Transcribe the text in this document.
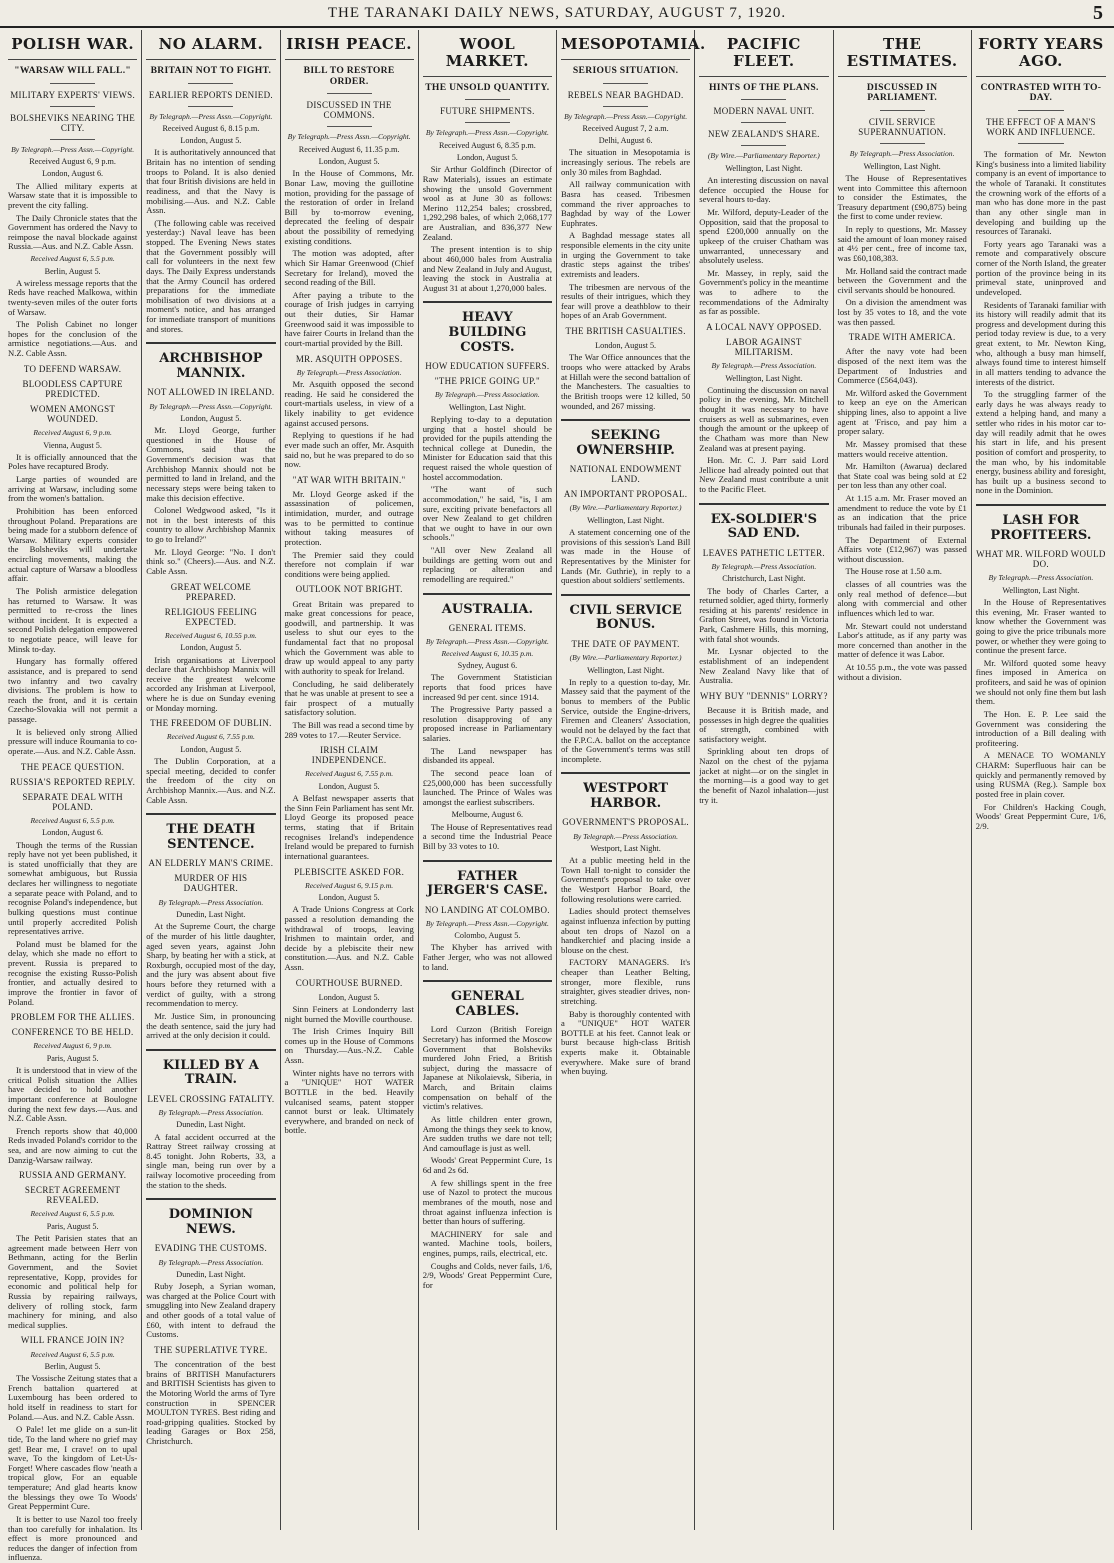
THE TARANAKI DAILY NEWS, SATURDAY, AUGUST 7, 1920.	5
POLISH WAR.
"WARSAW WILL FALL."
MILITARY EXPERTS' VIEWS.
BOLSHEVIKS NEARING THE CITY.
By Telegraph.—Press Assn.—Copyright.
Received August 6, 9 p.m.
London, August 6.

The Allied military experts at Warsaw state that it is impossible to prevent the city falling.

The Daily Chronicle states that the Government has ordered the Navy to reimpose the naval blockade against Russia.—Aus. and N.Z. Cable Assn.

Received August 6, 5.5 p.m.
Berlin, August 5.

A wireless message reports that the Reds have reached Malkowa, within twenty-seven miles of the outer forts of Warsaw.

The Polish Cabinet no longer hopes for the conclusion of the armistice negotiations.—Aus. and N.Z. Cable Assn.

TO DEFEND WARSAW.
BLOODLESS CAPTURE PREDICTED.
WOMEN AMONGST WOUNDED.
Received August 6, 9 p.m.
Vienna, August 5.

It is officially announced that the Poles have recaptured Brody.

Large parties of wounded are arriving at Warsaw, including some from the women's battalion.

Prohibition has been enforced throughout Poland. Preparations are being made for a stubborn defence of Warsaw. Military experts consider the Bolsheviks will undertake encircling movements, making the actual capture of Warsaw a bloodless affair.

The Polish armistice delegation has returned to Warsaw. It was permitted to re-cross the lines without incident. It is expected a second Polish delegation empowered to negotiate peace, will leave for Minsk to-day.

Hungary has formally offered assistance, and is prepared to send two infantry and two cavalry divisions. The problem is how to reach the front, and it is certain Czecho-Slovakia will not permit a passage.

It is believed only strong Allied pressure will induce Roumania to co-operate.—Aus. and N.Z. Cable Assn.

THE PEACE QUESTION.
RUSSIA'S REPORTED REPLY.
SEPARATE DEAL WITH POLAND.
Received August 6, 5.5 p.m.
London, August 6.

Though the terms of the Russian reply have not yet been published, it is stated unofficially that they are somewhat ambiguous, but Russia declares her willingness to negotiate a separate peace with Poland, and to recognise Poland's independence, but bulking questions must continue until properly accredited Polish representatives arrive.

Poland must be blamed for the delay, which she made no effort to prevent. Russia is prepared to recognise the existing Russo-Polish frontier, and actually desired to improve the frontier in favor of Poland.

PROBLEM FOR THE ALLIES.
CONFERENCE TO BE HELD.
Received August 6, 9 p.m.
Paris, August 5.

It is understood that in view of the critical Polish situation the Allies have decided to hold another important conference at Boulogne during the next few days.—Aus. and N.Z. Cable Assn.

French reports show that 40,000 Reds invaded Poland's corridor to the sea, and are now aiming to cut the Danzig-Warsaw railway.

RUSSIA AND GERMANY.
SECRET AGREEMENT REVEALED.
Received August 6, 5.5 p.m.
Paris, August 5.

The Petit Parisien states that an agreement made between Herr von Bethmann, acting for the Berlin Government, and the Soviet representative, Kopp, provides for economic and political help for Russia by repairing railways, delivery of rolling stock, farm machinery for mining, and also medical supplies.

WILL FRANCE JOIN IN?
Received August 6, 5.5 p.m.
Berlin, August 5.

The Vossische Zeitung states that a French battalion quartered at Luxembourg has been ordered to hold itself in readiness to start for Poland.—Aus. and N.Z. Cable Assn.

O Pale! let me glide on a sun-lit tide, To the land where no grief may get! Bear me, I crave! on to upal wave, To the kingdom of Let-Us-Forget! Where cascades flow 'neath a tropical glow, For an equable temperature; And glad hearts know the blessings they owe To Woods' Great Peppermint Cure.

It is better to use Nazol too freely than too carefully for inhalation. Its effect is more pronounced and reduces the danger of infection from influenza.

NO ALARM.
BRITAIN NOT TO FIGHT.
EARLIER REPORTS DENIED.
By Telegraph.—Press Assn.—Copyright.
Received August 6, 8.15 p.m.
London, August 5.

It is authoritatively announced that Britain has no intention of sending troops to Poland. It is also denied that four British divisions are held in readiness, and that the Navy is mobilising.—Aus. and N.Z. Cable Assn.

(The following cable was received yesterday:) Naval leave has been stopped. The Evening News states that the Government possibly will call for volunteers in the next few days. The Daily Express understands that the Army Council has ordered preparations for the immediate mobilisation of two divisions at a moment's notice, and has arranged for immediate transport of munitions and stores.

ARCHBISHOP MANNIX.
NOT ALLOWED IN IRELAND.
By Telegraph.—Press Assn.—Copyright.
London, August 5.

Mr. Lloyd George, further questioned in the House of Commons, said that the Government's decision was that Archbishop Mannix should not be permitted to land in Ireland, and the necessary steps were being taken to make this decision effective.

Colonel Wedgwood asked, "Is it not in the best interests of this country to allow Archbishop Mannix to go to Ireland?"

Mr. Lloyd George: "No. I don't think so." (Cheers).—Aus. and N.Z. Cable Assn.

GREAT WELCOME PREPARED.
RELIGIOUS FEELING EXPECTED.
Received August 6, 10.55 p.m.
London, August 5.

Irish organisations at Liverpool declare that Archbishop Mannix will receive the greatest welcome accorded any Irishman at Liverpool, where he is due on Sunday evening or Monday morning.

THE FREEDOM OF DUBLIN.
Received August 6, 7.55 p.m.
London, August 5.

The Dublin Corporation, at a special meeting, decided to confer the freedom of the city on Archbishop Mannix.—Aus. and N.Z. Cable Assn.

THE DEATH SENTENCE.
AN ELDERLY MAN'S CRIME.
MURDER OF HIS DAUGHTER.
By Telegraph.—Press Association.
Dunedin, Last Night.

At the Supreme Court, the charge of the murder of his little daughter, aged seven years, against John Sharp, by beating her with a stick, at Roxburgh, occupied most of the day, and the jury was absent about five hours before they returned with a verdict of guilty, with a strong recommendation to mercy.

Mr. Justice Sim, in pronouncing the death sentence, said the jury had arrived at the only decision it could.

KILLED BY A TRAIN.
LEVEL CROSSING FATALITY.
By Telegraph.—Press Association.
Dunedin, Last Night.

A fatal accident occurred at the Rattray Street railway crossing at 8.45 tonight. John Roberts, 33, a single man, being run over by a railway locomotive proceeding from the station to the sheds.

DOMINION NEWS.
EVADING THE CUSTOMS.
By Telegraph.—Press Association.
Dunedin, Last Night.

Ruby Joseph, a Syrian woman, was charged at the Police Court with smuggling into New Zealand drapery and other goods of a total value of £60, with intent to defraud the Customs.

THE SUPERLATIVE TYRE.

The concentration of the best brains of BRITISH Manufacturers and BRITISH Scientists has given to the Motoring World the arms of Tyre construction in SPENCER MOULTON TYRES. Best riding and road-gripping qualities. Stocked by leading Garages or Box 258, Christchurch.

IRISH PEACE.
BILL TO RESTORE ORDER.
DISCUSSED IN THE COMMONS.
By Telegraph.—Press Assn.—Copyright.
Received August 6, 11.35 p.m.
London, August 5.

In the House of Commons, Mr. Bonar Law, moving the guillotine motion, providing for the passage of the restoration of order in Ireland Bill by to-morrow evening, deprecated the feeling of despair about the possibility of remedying existing conditions.

The motion was adopted, after which Sir Hamar Greenwood (Chief Secretary for Ireland), moved the second reading of the Bill.

After paying a tribute to the courage of Irish judges in carrying out their duties, Sir Hamar Greenwood said it was impossible to have fairer Courts in Ireland than the court-martial provided by the Bill.

MR. ASQUITH OPPOSES.
By Telegraph.—Press Association.

Mr. Asquith opposed the second reading. He said he considered the court-martials useless, in view of a likely inability to get evidence against accused persons.

Replying to questions if he had ever made such an offer, Mr. Asquith said no, but he was prepared to do so now.

"AT WAR WITH BRITAIN."

Mr. Lloyd George asked if the assassination of policemen, intimidation, murder, and outrage was to be permitted to continue without taking measures of protection.

The Premier said they could therefore not complain if war conditions were being applied.

OUTLOOK NOT BRIGHT.

Great Britain was prepared to make great concessions for peace, goodwill, and partnership. It was useless to shut our eyes to the fundamental fact that no proposal which the Government was able to draw up would appeal to any party with authority to speak for Ireland.

Concluding, he said deliberately that he was unable at present to see a fair prospect of a mutually satisfactory solution.

The Bill was read a second time by 289 votes to 17.—Reuter Service.

IRISH CLAIM INDEPENDENCE.
Received August 6, 7.55 p.m.
London, August 5.

A Belfast newspaper asserts that the Sinn Fein Parliament has sent Mr. Lloyd George its proposed peace terms, stating that if Britain recognises Ireland's independence Ireland would be prepared to furnish international guarantees.

PLEBISCITE ASKED FOR.
Received August 6, 9.15 p.m.
London, August 5.

A Trade Unions Congress at Cork passed a resolution demanding the withdrawal of troops, leaving Irishmen to maintain order, and decide by a plebiscite their new constitution.—Aus. and N.Z. Cable Assn.

COURTHOUSE BURNED.
London, August 5.

Sinn Feiners at Londonderry last night burned the Moville courthouse.

The Irish Crimes Inquiry Bill comes up in the House of Commons on Thursday.—Aus.-N.Z. Cable Assn.

Winter nights have no terrors with a "UNIQUE" HOT WATER BOTTLE in the bed. Heavily vulcanised seams, patent stopper cannot burst or leak. Ultimately everywhere, and branded on neck of bottle.

WOOL MARKET.
THE UNSOLD QUANTITY.
FUTURE SHIPMENTS.
By Telegraph.—Press Assn.—Copyright.
Received August 6, 8.35 p.m.
London, August 5.

Sir Arthur Goldfinch (Director of Raw Materials), issues an estimate showing the unsold Government wool as at June 30 as follows: Merino 112,254 bales; crossbred, 1,292,298 bales, of which 2,068,177 are Australian, and 836,377 New Zealand.

The present intention is to ship about 460,000 bales from Australia and New Zealand in July and August, leaving the stock in Australia at August 31 at about 1,270,000 bales.

HEAVY BUILDING COSTS.
HOW EDUCATION SUFFERS.
"THE PRICE GOING UP."
By Telegraph.—Press Association.
Wellington, Last Night.

Replying to-day to a deputation urging that a hostel should be provided for the pupils attending the technical college at Dunedin, the Minister for Education said that this request raised the whole question of hostel accommodation.

"The want of such accommodation," he said, "is, I am sure, exciting private benefactors all over New Zealand to get children that we ought to have in our own schools."

"All over New Zealand all buildings are getting worn out and replacing or alteration and remodelling are required."

AUSTRALIA.
GENERAL ITEMS.
By Telegraph.—Press Assn.—Copyright.
Received August 6, 10.35 p.m.
Sydney, August 6.

The Government Statistician reports that food prices have increased 9d per cent. since 1914.

The Progressive Party passed a resolution disapproving of any proposed increase in Parliamentary salaries.

The Land newspaper has disbanded its appeal.

The second peace loan of £25,000,000 has been successfully launched. The Prince of Wales was amongst the earliest subscribers.

Melbourne, August 6.

The House of Representatives read a second time the Industrial Peace Bill by 33 votes to 10.

FATHER JERGER'S CASE.
NO LANDING AT COLOMBO.
By Telegraph.—Press Assn.—Copyright.
Colombo, August 5.

The Khyber has arrived with Father Jerger, who was not allowed to land.

GENERAL CABLES.

Lord Curzon (British Foreign Secretary) has informed the Moscow Government that Bolsheviks murdered John Fried, a British subject, during the massacre of Japanese at Nikolaievsk, Siberia, in March, and Britain claims compensation on behalf of the victim's relatives.

As little children enter grown, Among the things they seek to know, Are sudden truths we dare not tell; And camouflage is just as well.

Woods' Great Peppermint Cure, 1s 6d and 2s 6d.

A few shillings spent in the free use of Nazol to protect the mucous membranes of the mouth, nose and throat against influenza infection is better than hours of suffering.

MACHINERY for sale and wanted. Machine tools, boilers, engines, pumps, rails, electrical, etc.

Coughs and Colds, never fails, 1/6, 2/9, Woods' Great Peppermint Cure, for

MESOPOTAMIA.
SERIOUS SITUATION.
REBELS NEAR BAGHDAD.
By Telegraph.—Press Assn.—Copyright.
Received August 7, 2 a.m.
Delhi, August 6.

The situation in Mesopotamia is increasingly serious. The rebels are only 30 miles from Baghdad.

All railway communication with Basra has ceased. Tribesmen command the river approaches to Baghdad by way of the Lower Euphrates.

A Baghdad message states all responsible elements in the city unite in urging the Government to take drastic steps against the tribes' extremists and leaders.

The tribesmen are nervous of the results of their intrigues, which they fear will prove a deathblow to their hopes of an Arab Government.

THE BRITISH CASUALTIES.
London, August 5.

The War Office announces that the troops who were attacked by Arabs at Hillah were the second battalion of the Manchesters. The casualties to the British troops were 12 killed, 50 wounded, and 267 missing.

SEEKING OWNERSHIP.
NATIONAL ENDOWMENT LAND.
AN IMPORTANT PROPOSAL.
(By Wire.—Parliamentary Reporter.)
Wellington, Last Night.

A statement concerning one of the provisions of this session's Land Bill was made in the House of Representatives by the Minister for Lands (Mr. Guthrie), in reply to a question about soldiers' settlements.

CIVIL SERVICE BONUS.
THE DATE OF PAYMENT.
(By Wire.—Parliamentary Reporter.)
Wellington, Last Night.

In reply to a question to-day, Mr. Massey said that the payment of the bonus to members of the Public Service, outside the Engine-drivers, Firemen and Cleaners' Association, would not be delayed by the fact that the F.P.C.A. ballot on the acceptance of the Government's terms was still incomplete.

WESTPORT HARBOR.
GOVERNMENT'S PROPOSAL.
By Telegraph.—Press Association.
Westport, Last Night.

At a public meeting held in the Town Hall to-night to consider the Government's proposal to take over the Westport Harbor Board, the following resolutions were carried.

Ladies should protect themselves against influenza infection by putting about ten drops of Nazol on a handkerchief and placing inside a blouse on the chest.

FACTORY MANAGERS. It's cheaper than Leather Belting, stronger, more flexible, runs straighter, gives steadier drives, non-stretching.

Baby is thoroughly contented with a "UNIQUE" HOT WATER BOTTLE at his feet. Cannot leak or burst because high-class British experts make it. Obtainable everywhere. Make sure of brand when buying.

PACIFIC FLEET.
HINTS OF THE PLANS.
MODERN NAVAL UNIT.
NEW ZEALAND'S SHARE.
(By Wire.—Parliamentary Reporter.)
Wellington, Last Night.

An interesting discussion on naval defence occupied the House for several hours to-day.

Mr. Wilford, deputy-Leader of the Opposition, said that the proposal to spend £200,000 annually on the upkeep of the cruiser Chatham was unwarranted, unnecessary and absolutely useless.

Mr. Massey, in reply, said the Government's policy in the meantime was to adhere to the recommendations of the Admiralty as far as possible.

A LOCAL NAVY OPPOSED.
LABOR AGAINST MILITARISM.
By Telegraph.—Press Association.
Wellington, Last Night.

Continuing the discussion on naval policy in the evening, Mr. Mitchell thought it was necessary to have cruisers as well as submarines, even though the amount or the upkeep of the Chatham was more than New Zealand was at present paying.

Hon. Mr. C. J. Parr said Lord Jellicoe had already pointed out that New Zealand must contribute a unit to the Pacific Fleet.

EX-SOLDIER'S SAD END.
LEAVES PATHETIC LETTER.
By Telegraph.—Press Association.
Christchurch, Last Night.

The body of Charles Carter, a returned soldier, aged thirty, formerly residing at his parents' residence in Grafton Street, was found in Victoria Park, Cashmere Hills, this morning, with fatal shot wounds.

Mr. Lysnar objected to the establishment of an independent New Zealand Navy like that of Australia.

WHY BUY "DENNIS" LORRY?

Because it is British made, and possesses in high degree the qualities of strength, combined with satisfactory weight.

Sprinkling about ten drops of Nazol on the chest of the pyjama jacket at night—or on the singlet in the morning—is a good way to get the benefit of Nazol inhalation—just try it.

THE ESTIMATES.
DISCUSSED IN PARLIAMENT.
CIVIL SERVICE SUPERANNUATION.
By Telegraph.—Press Association.
Wellington, Last Night.

The House of Representatives went into Committee this afternoon to consider the Estimates, the Treasury department (£90,875) being the first to come under review.

In reply to questions, Mr. Massey said the amount of loan money raised at 4½ per cent., free of income tax, was £60,108,383.

Mr. Holland said the contract made between the Government and the civil servants should be honoured.

On a division the amendment was lost by 35 votes to 18, and the vote was then passed.

TRADE WITH AMERICA.

After the navy vote had been disposed of the next item was the Department of Industries and Commerce (£564,043).

Mr. Wilford asked the Government to keep an eye on the American shipping lines, also to appoint a live agent at 'Frisco, and pay him a proper salary.

Mr. Massey promised that these matters would receive attention.

Mr. Hamilton (Awarua) declared that State coal was being sold at £2 per ton less than any other coal.

At 1.15 a.m. Mr. Fraser moved an amendment to reduce the vote by £1 as an indication that the price tribunals had failed in their purposes.

The Department of External Affairs vote (£12,967) was passed without discussion.

The House rose at 1.50 a.m.

classes of all countries was the only real method of defence—but along with commercial and other influences which led to war.

Mr. Stewart could not understand Labor's attitude, as if any party was more concerned than another in the matter of defence it was Labor.

At 10.55 p.m., the vote was passed without a division.

FORTY YEARS AGO.
CONTRASTED WITH TO-DAY.
THE EFFECT OF A MAN'S WORK AND INFLUENCE.

The formation of Mr. Newton King's business into a limited liability company is an event of importance to the whole of Taranaki. It constitutes the crowning work of the efforts of a man who has done more in the past than any other single man in developing and building up the resources of Taranaki.

Forty years ago Taranaki was a remote and comparatively obscure corner of the North Island, the greater portion of the province being in its primeval state, uninproved and undeveloped.

Residents of Taranaki familiar with its history will readily admit that its progress and development during this period today review is due, to a very great extent, to Mr. Newton King, who, although a busy man himself, always found time to interest himself in all matters tending to advance the interests of the district.

To the struggling farmer of the early days he was always ready to extend a helping hand, and many a settler who rides in his motor car to-day will readily admit that he owes his start in life, and his present position of comfort and prosperity, to the man who, by his indomitable energy, business ability and foresight, has built up a business second to none in the Dominion.

LASH FOR PROFITEERS.
WHAT MR. WILFORD WOULD DO.
By Telegraph.—Press Association.
Wellington, Last Night.

In the House of Representatives this evening, Mr. Fraser wanted to know whether the Government was going to give the price tribunals more power, or whether they were going to continue the present farce.

Mr. Wilford quoted some heavy fines imposed in America on profiteers, and said he was of opinion we should not only fine them but lash them.

The Hon. E. P. Lee said the Government was considering the introduction of a Bill dealing with profiteering.

A MENACE TO WOMANLY CHARM: Superfluous hair can be quickly and permanently removed by using RUSMA (Reg.). Sample box posted free in plain cover.

For Children's Hacking Cough, Woods' Great Peppermint Cure, 1/6, 2/9.
